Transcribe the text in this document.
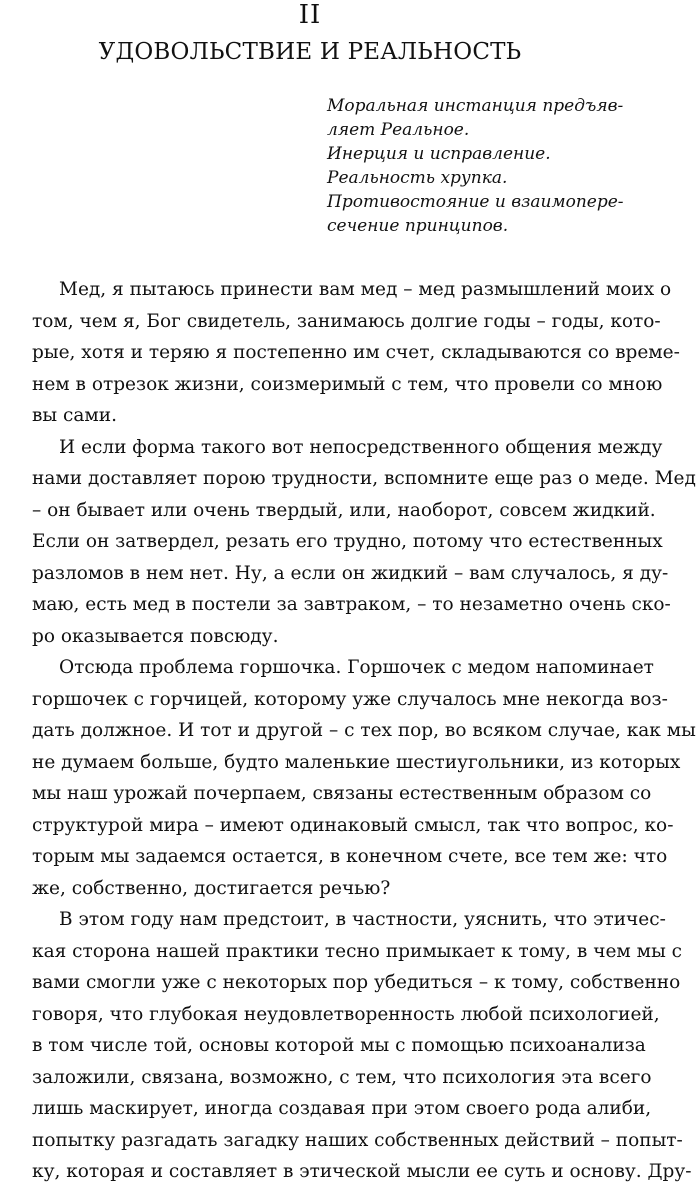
II
УДОВОЛЬСТВИЕ И РЕАЛЬНОСТЬ
Моральная инстанция предъяв-
ляет Реальное.
Инерция и исправление.
Реальность хрупка.
Противостояние и взаимопере-
сечение принципов.
Мед, я пытаюсь принести вам мед – мед размышлений моих о
том, чем я, Бог свидетель, занимаюсь долгие годы – годы, кото-
рые, хотя и теряю я постепенно им счет, складываются со време-
нем в отрезок жизни, соизмеримый с тем, что провели со мною
вы сами.
И если форма такого вот непосредственного общения между
нами доставляет порою трудности, вспомните еще раз о меде. Мед
– он бывает или очень твердый, или, наоборот, совсем жидкий.
Если он затвердел, резать его трудно, потому что естественных
разломов в нем нет. Ну, а если он жидкий – вам случалось, я ду-
маю, есть мед в постели за завтраком, – то незаметно очень ско-
ро оказывается повсюду.
Отсюда проблема горшочка. Горшочек с медом напоминает
горшочек с горчицей, которому уже случалось мне некогда воз-
дать должное. И тот и другой – с тех пор, во всяком случае, как мы
не думаем больше, будто маленькие шестиугольники, из которых
мы наш урожай почерпаем, связаны естественным образом со
структурой мира – имеют одинаковый смысл, так что вопрос, ко-
торым мы задаемся остается, в конечном счете, все тем же: что
же, собственно, достигается речью?
В этом году нам предстоит, в частности, уяснить, что этичес-
кая сторона нашей практики тесно примыкает к тому, в чем мы с
вами смогли уже с некоторых пор убедиться – к тому, собственно
говоря, что глубокая неудовлетворенность любой психологией,
в том числе той, основы которой мы с помощью психоанализа
заложили, связана, возможно, с тем, что психология эта всего
лишь маскирует, иногда создавая при этом своего рода алиби,
попытку разгадать загадку наших собственных действий – попыт-
ку, которая и составляет в этической мысли ее суть и основу. Дру-
